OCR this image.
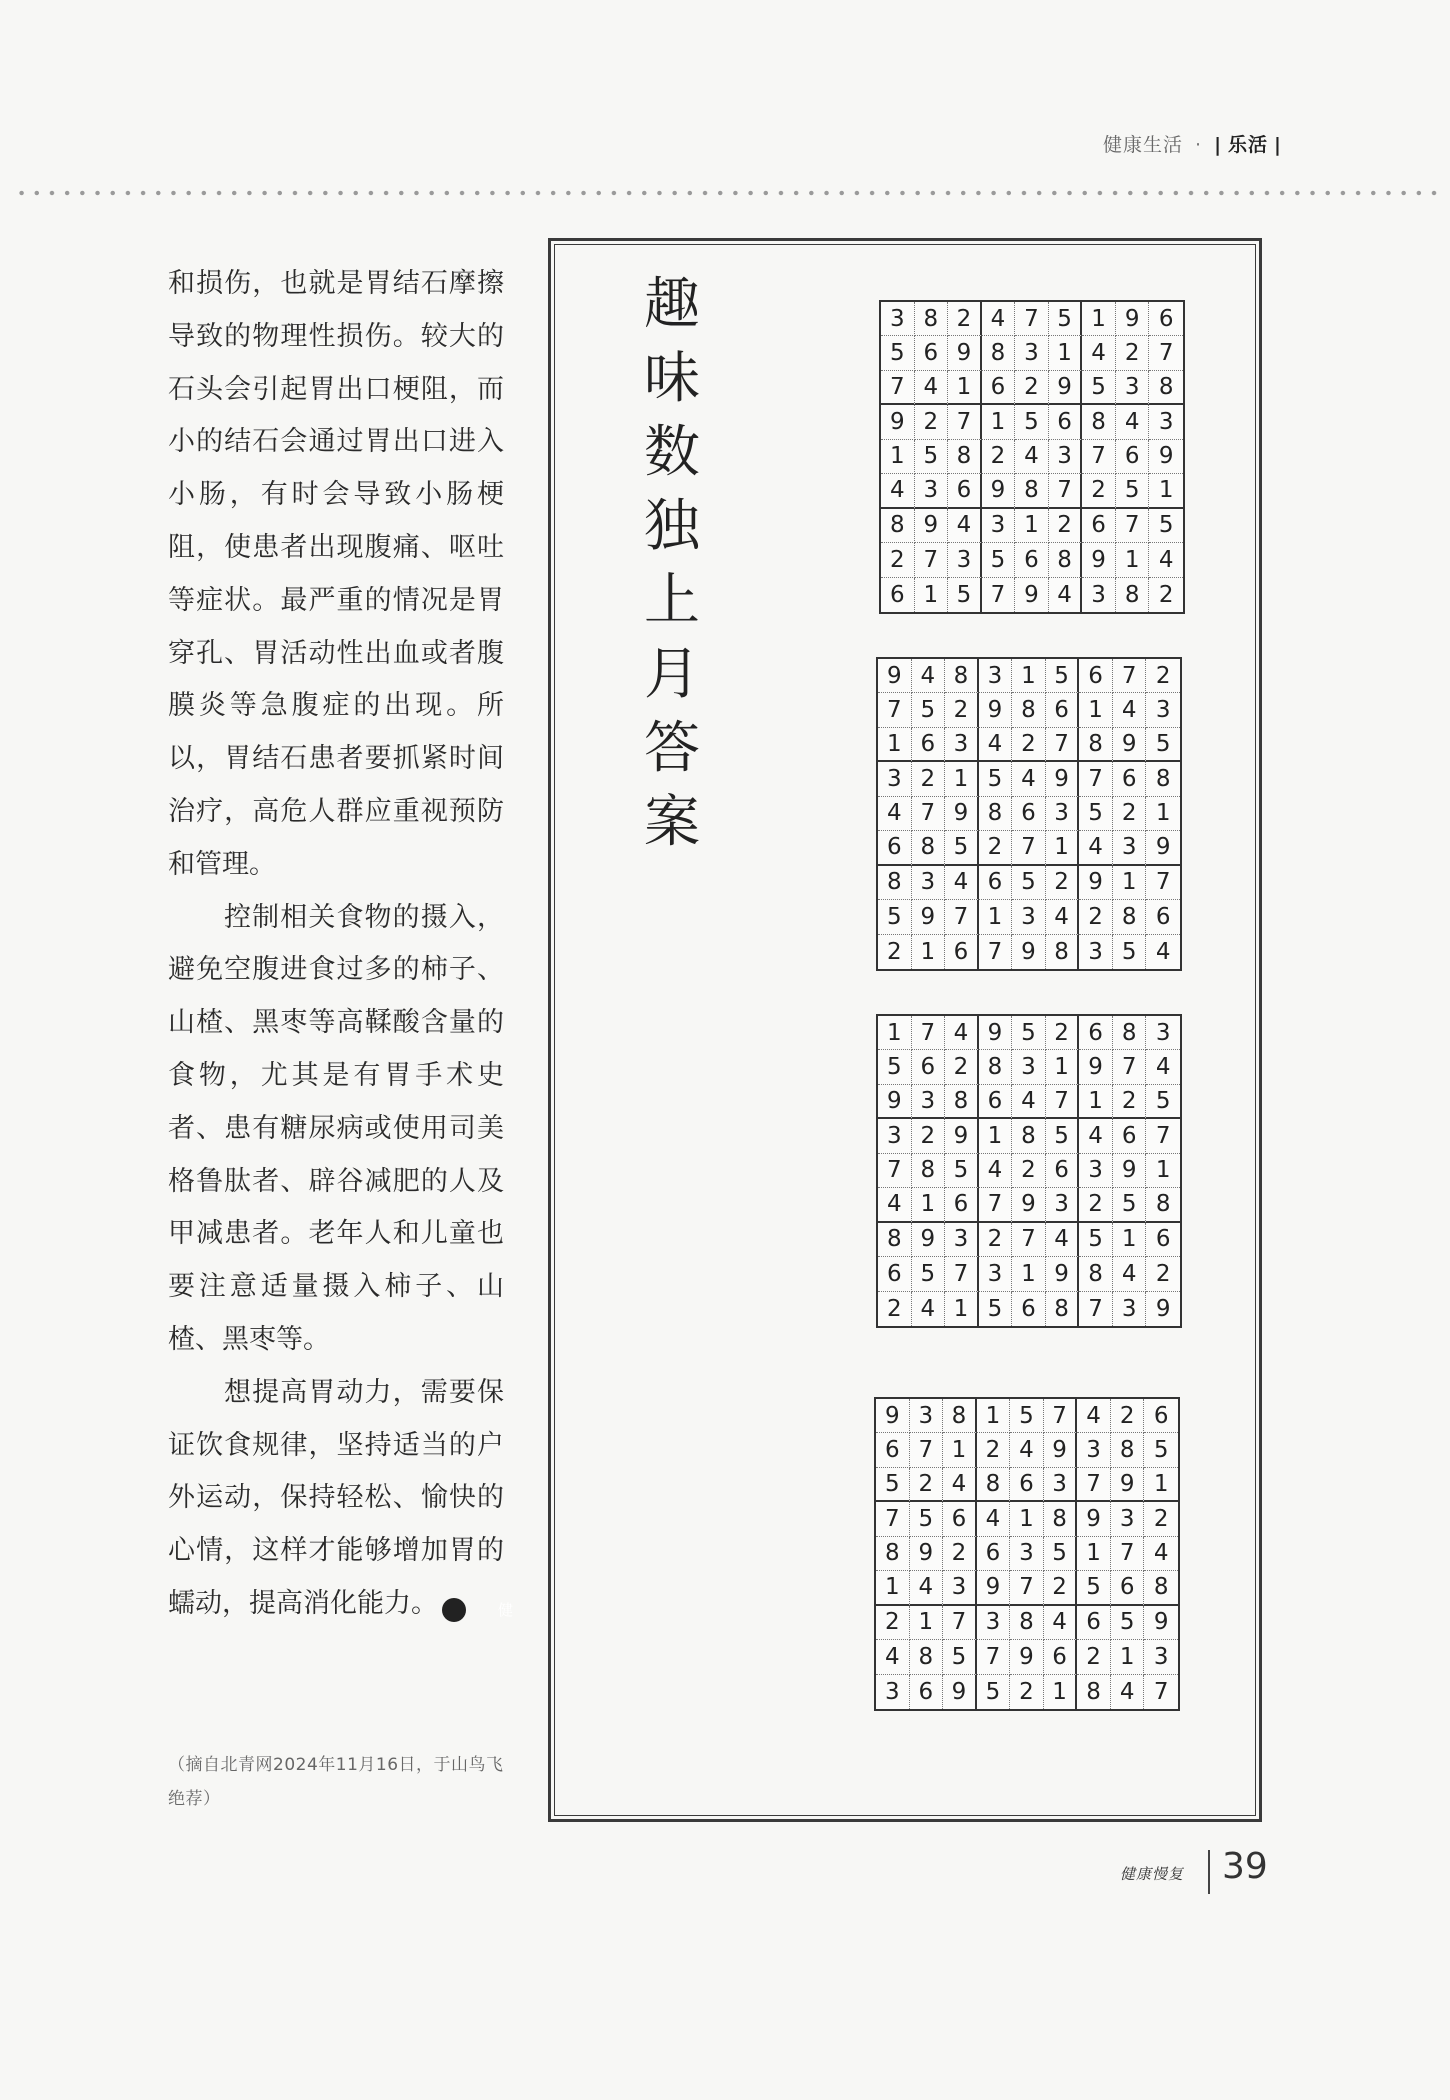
健康生活 · | 乐活 |

和损伤，也就是胃结石摩擦导致的物理性损伤。较大的石头会引起胃出口梗阻，而小的结石会通过胃出口进入小肠，有时会导致小肠梗阻，使患者出现腹痛、呕吐等症状。最严重的情况是胃穿孔、胃活动性出血或者腹膜炎等急腹症的出现。所以，胃结石患者要抓紧时间治疗，高危人群应重视预防和管理。

控制相关食物的摄入，避免空腹进食过多的柿子、山楂、黑枣等高鞣酸含量的食物，尤其是有胃手术史者、患有糖尿病或使用司美格鲁肽者、辟谷减肥的人及甲减患者。老年人和儿童也要注意适量摄入柿子、山楂、黑枣等。

想提高胃动力，需要保证饮食规律，坚持适当的户外运动，保持轻松、愉快的心情，这样才能够增加胃的蠕动，提高消化能力。	健

（摘自北青网2024年11月16日，于山鸟飞绝荐）
趣
味
数
独
上
月
答
案
3 8 2 4 7 5 1 9 6
5 6 9 8 3 1 4 2 7
7 4 1 6 2 9 5 3 8
9 2 7 1 5 6 8 4 3
1 5 8 2 4 3 7 6 9
4 3 6 9 8 7 2 5 1
8 9 4 3 1 2 6 7 5
2 7 3 5 6 8 9 1 4
6 1 5 7 9 4 3 8 2
9 4 8 3 1 5 6 7 2
7 5 2 9 8 6 1 4 3
1 6 3 4 2 7 8 9 5
3 2 1 5 4 9 7 6 8
4 7 9 8 6 3 5 2 1
6 8 5 2 7 1 4 3 9
8 3 4 6 5 2 9 1 7
5 9 7 1 3 4 2 8 6
2 1 6 7 9 8 3 5 4
1 7 4 9 5 2 6 8 3
5 6 2 8 3 1 9 7 4
9 3 8 6 4 7 1 2 5
3 2 9 1 8 5 4 6 7
7 8 5 4 2 6 3 9 1
4 1 6 7 9 3 2 5 8
8 9 3 2 7 4 5 1 6
6 5 7 3 1 9 8 4 2
2 4 1 5 6 8 7 3 9
9 3 8 1 5 7 4 2 6
6 7 1 2 4 9 3 8 5
5 2 4 8 6 3 7 9 1
7 5 6 4 1 8 9 3 2
8 9 2 6 3 5 1 7 4
1 4 3 9 7 2 5 6 8
2 1 7 3 8 4 6 5 9
4 8 5 7 9 6 2 1 3
3 6 9 5 2 1 8 4 7
健康慢复 39
